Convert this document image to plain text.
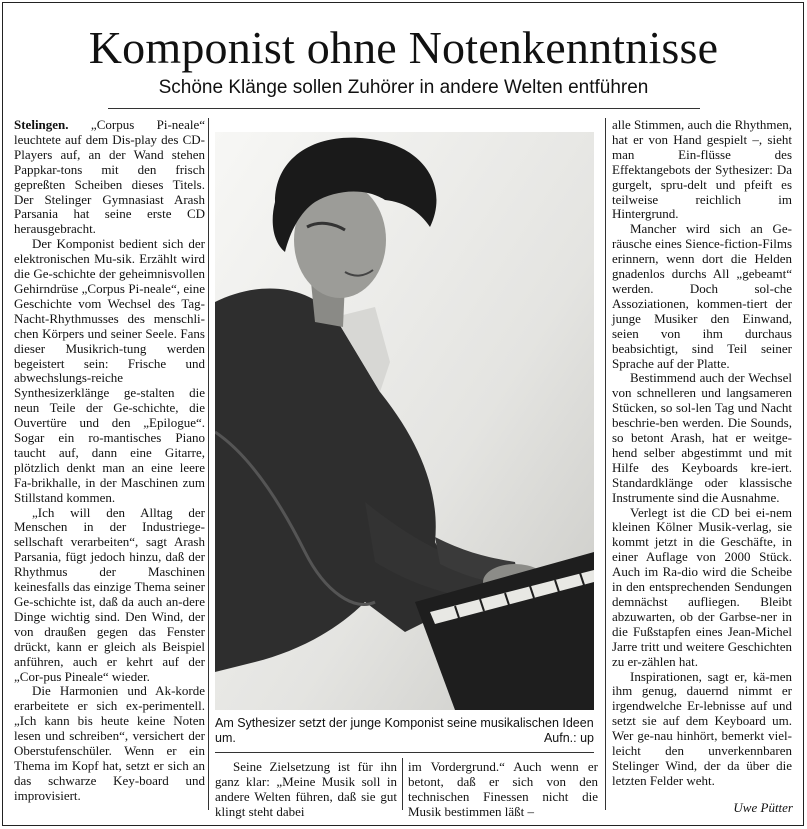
Komponist ohne Notenkenntnisse
Schöne Klänge sollen Zuhörer in andere Welten entführen

Stelingen. „Corpus Pi-neale“ leuchtete auf dem Dis-play des CD-Players auf, an der Wand stehen Pappkar-tons mit den frisch gepreßten Scheiben dieses Titels. Der Stelinger Gymnasiast Arash Parsania hat seine erste CD herausgebracht.

Der Komponist bedient sich der elektronischen Mu-sik. Erzählt wird die Ge-schichte der geheimnisvollen Gehirndrüse „Corpus Pi-neale“, eine Geschichte vom Wechsel des Tag-Nacht-Rhythmusses des menschli-chen Körpers und seiner Seele. Fans dieser Musikrich-tung werden begeistert sein: Frische und abwechslungs-reiche Synthesizerklänge ge-stalten die neun Teile der Ge-schichte, die Ouvertüre und den „Epilogue“. Sogar ein ro-mantisches Piano taucht auf, dann eine Gitarre, plötzlich denkt man an eine leere Fa-brikhalle, in der Maschinen zum Stillstand kommen.

„Ich will den Alltag der Menschen in der Industriege-sellschaft verarbeiten“, sagt Arash Parsania, fügt jedoch hinzu, daß der Rhythmus der Maschinen keinesfalls das einzige Thema seiner Ge-schichte ist, daß da auch an-dere Dinge wichtig sind. Den Wind, der von draußen gegen das Fenster drückt, kann er gleich als Beispiel anführen, auch er kehrt auf der „Cor-pus Pineale“ wieder.

Die Harmonien und Ak-korde erarbeitete er sich ex-perimentell. „Ich kann bis heute keine Noten lesen und schreiben“, versichert der Oberstufenschüler. Wenn er ein Thema im Kopf hat, setzt er sich an das schwarze Key-board und improvisiert.

Am Sythesizer setzt der junge Komponist seine musikalischen Ideen um.	Aufn.: up

Seine Zielsetzung ist für ihn ganz klar: „Meine Musik soll in andere Welten führen, daß sie gut klingt steht dabei

im Vordergrund.“ Auch wenn er betont, daß er sich von den technischen Finessen nicht die Musik bestimmen läßt –

alle Stimmen, auch die Rhythmen, hat er von Hand gespielt –, sieht man Ein-flüsse des Effektangebots der Sythesizer: Da gurgelt, spru-delt und pfeift es teilweise reichlich im Hintergrund.

Mancher wird sich an Ge-räusche eines Sience-fiction-Films erinnern, wenn dort die Helden gnadenlos durchs All „gebeamt“ werden. Doch sol-che Assoziationen, kommen-tiert der junge Musiker den Einwand, seien von ihm durchaus beabsichtigt, sind Teil seiner Sprache auf der Platte.

Bestimmend auch der Wechsel von schnelleren und langsameren Stücken, so sol-len Tag und Nacht beschrie-ben werden. Die Sounds, so betont Arash, hat er weitge-hend selber abgestimmt und mit Hilfe des Keyboards kre-iert. Standardklänge oder klassische Instrumente sind die Ausnahme.

Verlegt ist die CD bei ei-nem kleinen Kölner Musik-verlag, sie kommt jetzt in die Geschäfte, in einer Auflage von 2000 Stück. Auch im Ra-dio wird die Scheibe in den entsprechenden Sendungen demnächst aufliegen. Bleibt abzuwarten, ob der Garbse-ner in die Fußstapfen eines Jean-Michel Jarre tritt und weitere Geschichten zu er-zählen hat.

Inspirationen, sagt er, kä-men ihm genug, dauernd nimmt er irgendwelche Er-lebnisse auf und setzt sie auf dem Keyboard um. Wer ge-nau hinhört, bemerkt viel-leicht den unverkennbaren Stelinger Wind, der da über die letzten Felder weht.

Uwe Pütter
